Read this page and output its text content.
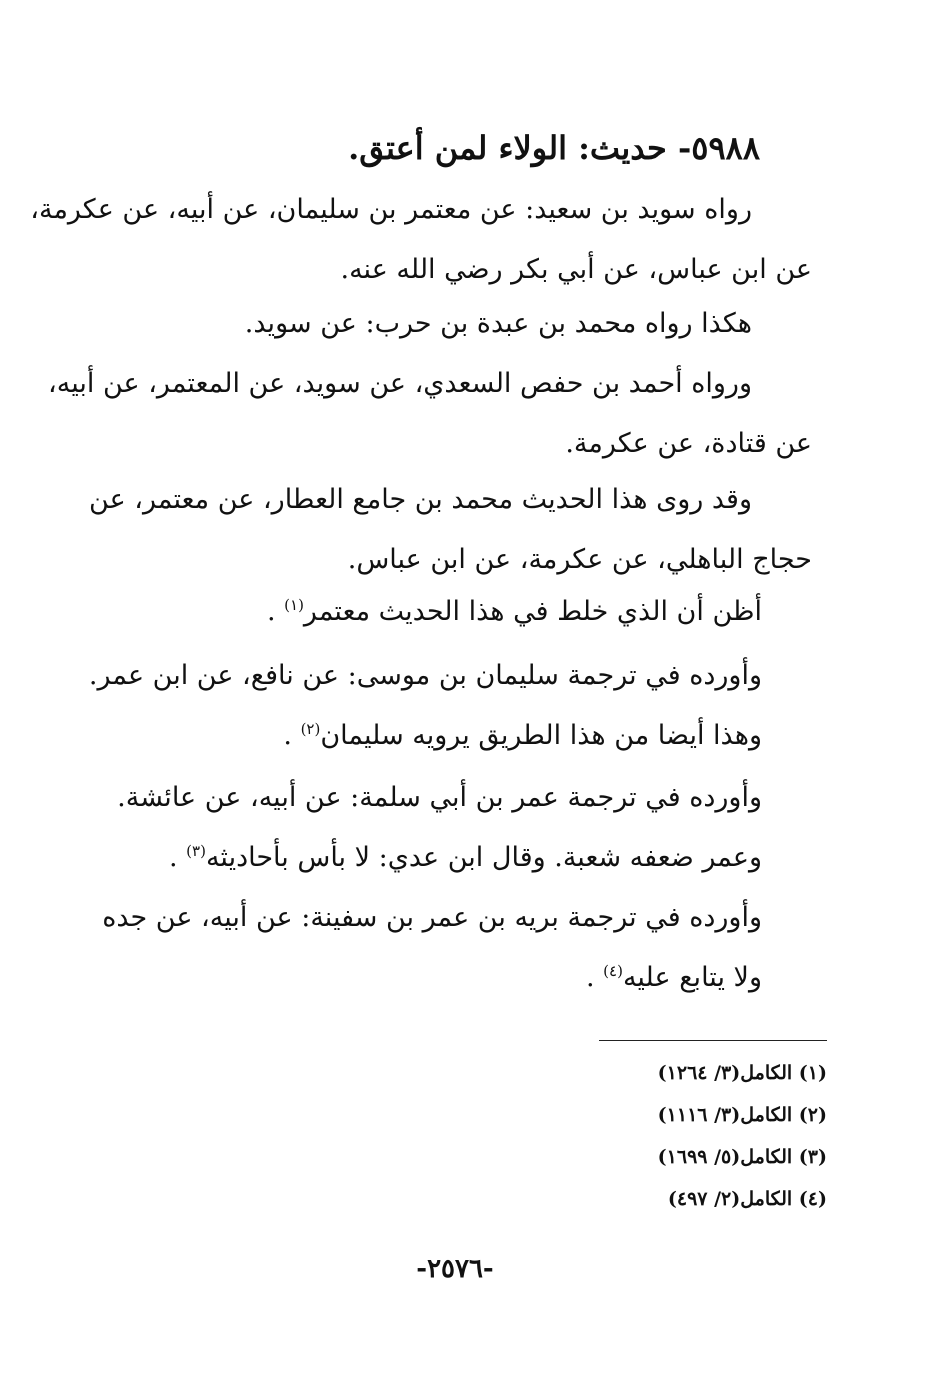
٥٩٨٨- حديث: الولاء لمن أعتق.
رواه سويد بن سعيد: عن معتمر بن سليمان، عن أبيه، عن عكرمة،
عن ابن عباس، عن أبي بكر رضي الله عنه.
هكذا رواه محمد بن عبدة بن حرب: عن سويد.
ورواه أحمد بن حفص السعدي، عن سويد، عن المعتمر، عن أبيه،
عن قتادة، عن عكرمة.
وقد روى هذا الحديث محمد بن جامع العطار، عن معتمر، عن
حجاج الباهلي، عن عكرمة، عن ابن عباس.
أظن أن الذي خلط في هذا الحديث معتمر$^{(١)}$ .
وأورده في ترجمة سليمان بن موسى: عن نافع، عن ابن عمر.
وهذا أيضا من هذا الطريق يرويه سليمان$^{(٢)}$ .
وأورده في ترجمة عمر بن أبي سلمة: عن أبيه، عن عائشة.
وعمر ضعفه شعبة. وقال ابن عدي: لا بأس بأحاديثه$^{(٣)}$ .
وأورده في ترجمة بريه بن عمر بن سفينة: عن أبيه، عن جده
ولا يتابع عليه$^{(٤)}$ .
(١) الكامل(٣/ ١٢٦٤)
(٢) الكامل(٣/ ١١١٦)
(٣) الكامل(٥/ ١٦٩٩)
(٤) الكامل(٢/ ٤٩٧)
-٢٥٧٦-
